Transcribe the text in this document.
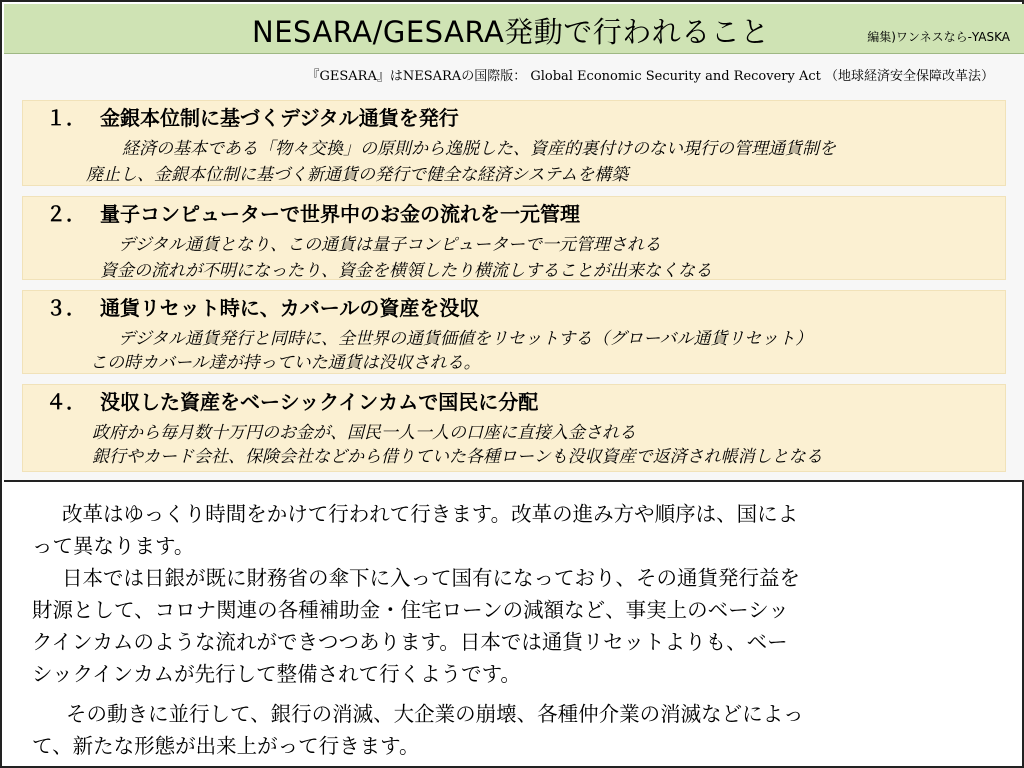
NESARA/GESARA発動で行われること	編集)ワンネスなら-YASKA
『GESARA』はNESARAの国際版： Global Economic Security and Recovery Act （地球経済安全保障改革法）
１． 金銀本位制に基づくデジタル通貨を発行
経済の基本である「物々交換」の原則から逸脱した、資産的裏付けのない現行の管理通貨制を
廃止し、金銀本位制に基づく新通貨の発行で健全な経済システムを構築
２． 量子コンピューターで世界中のお金の流れを一元管理
デジタル通貨となり、この通貨は量子コンピューターで一元管理される
資金の流れが不明になったり、資金を横領したり横流しすることが出来なくなる
３． 通貨リセット時に、カバールの資産を没収
デジタル通貨発行と同時に、全世界の通貨価値をリセットする（グローバル通貨リセット）
この時カバール達が持っていた通貨は没収される。
４． 没収した資産をベーシックインカムで国民に分配
政府から毎月数十万円のお金が、国民一人一人の口座に直接入金される
銀行やカード会社、保険会社などから借りていた各種ローンも没収資産で返済され帳消しとなる

改革はゆっくり時間をかけて行われて行きます。改革の進み方や順序は、国によ

って異なります。

日本では日銀が既に財務省の傘下に入って国有になっており、その通貨発行益を

財源として、コロナ関連の各種補助金・住宅ローンの減額など、事実上のベーシッ

クインカムのような流れができつつあります。日本では通貨リセットよりも、ベー

シックインカムが先行して整備されて行くようです。

その動きに並行して、銀行の消滅、大企業の崩壊、各種仲介業の消滅などによっ

て、新たな形態が出来上がって行きます。
